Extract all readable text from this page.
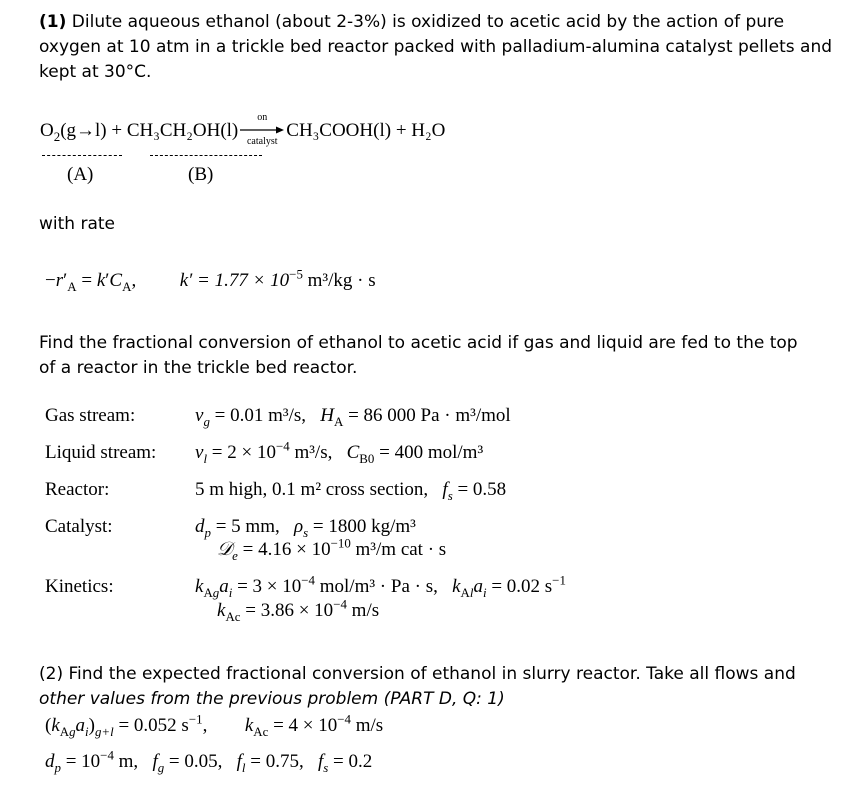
(1) Dilute aqueous ethanol (about 2-3%) is oxidized to acetic acid by the action of pure
oxygen at 10 atm in a trickle bed reactor packed with palladium-alumina catalyst pellets and
kept at 30°C.
$O_2(g\to l) + CH_3CH_2OH(l)$
on
catalyst
CH₃COOH(l) + H₂O
(A)	(B)
with rate
$-r'_A = k'C_A$, $k' = 1.77 \times 10^{-5}$ m³/kg · s
Find the fractional conversion of ethanol to acetic acid if gas and liquid are fed to the top
of a reactor in the trickle bed reactor.
Gas stream:	$v_g = 0.01$ m³/s, $H_A = 86$ 000 Pa · m³/mol
Liquid stream: $v_l = 2 \times 10^{-4}$ m³/s, $C_{B0} = 400$ mol/m³
Reactor:	5 m high, 0.1 m² cross section, $f_s = 0.58$
Catalyst:	$d_p = 5$ mm, $\rho_s = 1800$ kg/m³
𝒟$_e$ = $4.16 \times 10^{-10}$ m³/m cat · s
Kinetics:	$k_{Ag}a_i = 3 \times 10^{-4}$ mol/m³ · Pa · s, $k_{Al}a_i = 0.02$ $s^{-1}$
$k_{Ac} = 3.86 \times 10^{-4}$ m/s
(2) Find the expected fractional conversion of ethanol in slurry reactor. Take all flows and
other values from the previous problem (PART D, Q: 1)
$(k_{Ag}a_i)_{g+l} = 0.052$ $s^{-1}$, $k_{Ac} = 4 \times 10^{-4}$ m/s
$d_p = 10^{-4}$ m, $f_g = 0.05$, $f_l = 0.75$, $f_s = 0.2$
